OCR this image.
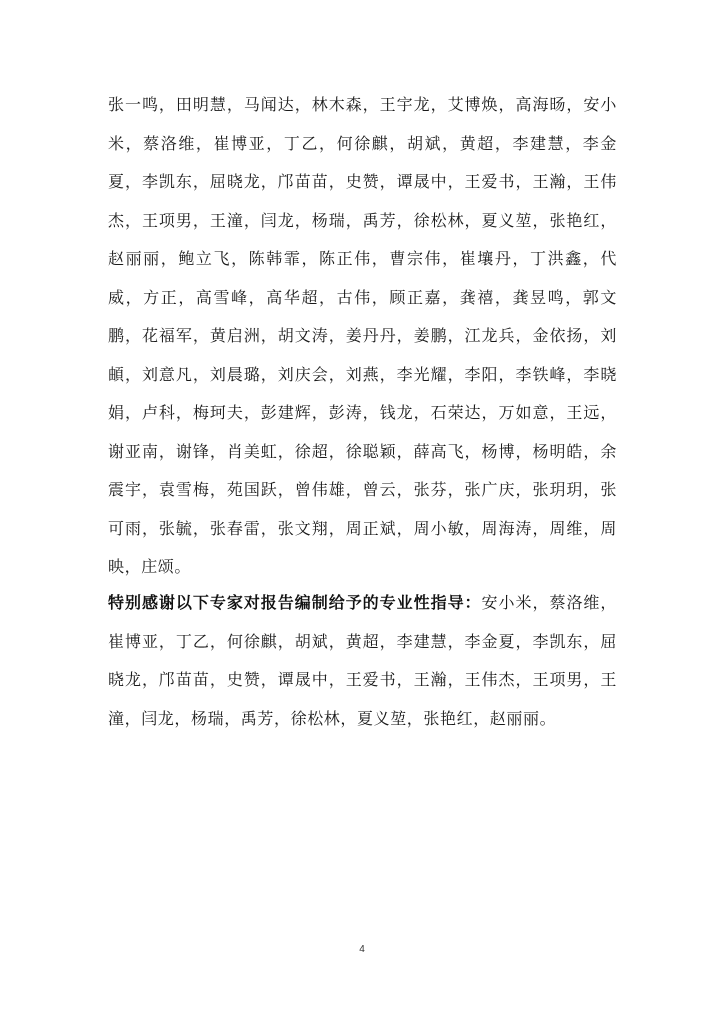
张一鸣，田明慧，马闻达，林木森，王宇龙，艾博焕，高海旸，安小米，蔡洛维，崔博亚，丁乙，何徐麒，胡斌，黄超，李建慧，李金夏，李凯东，屈晓龙，邝苗苗，史赞，谭晟中，王爱书，王瀚，王伟杰，王项男，王潼，闫龙，杨瑞，禹芳，徐松林，夏义堃，张艳红，赵丽丽，鲍立飞，陈韩霏，陈正伟，曹宗伟，崔壤丹，丁洪鑫，代威，方正，高雪峰，高华超，古伟，顾正嘉，龚禧，龚昱鸣，郭文鹏，花福军，黄启洲，胡文涛，姜丹丹，姜鹏，江龙兵，金依扬，刘頔，刘意凡，刘晨璐，刘庆会，刘燕，李光耀，李阳，李铁峰，李晓娟，卢科，梅珂夫，彭建辉，彭涛，钱龙，石荣达，万如意，王远，谢亚南，谢锋，肖美虹，徐超，徐聪颖，薛高飞，杨博，杨明皓，余震宇，袁雪梅，苑国跃，曾伟雄，曾云，张芬，张广庆，张玥玥，张可雨，张毓，张春雷，张文翔，周正斌，周小敏，周海涛，周维，周映，庄颂。

特别感谢以下专家对报告编制给予的专业性指导：安小米，蔡洛维，崔博亚，丁乙，何徐麒，胡斌，黄超，李建慧，李金夏，李凯东，屈晓龙，邝苗苗，史赞，谭晟中，王爱书，王瀚，王伟杰，王项男，王潼，闫龙，杨瑞，禹芳，徐松林，夏义堃，张艳红，赵丽丽。

4
